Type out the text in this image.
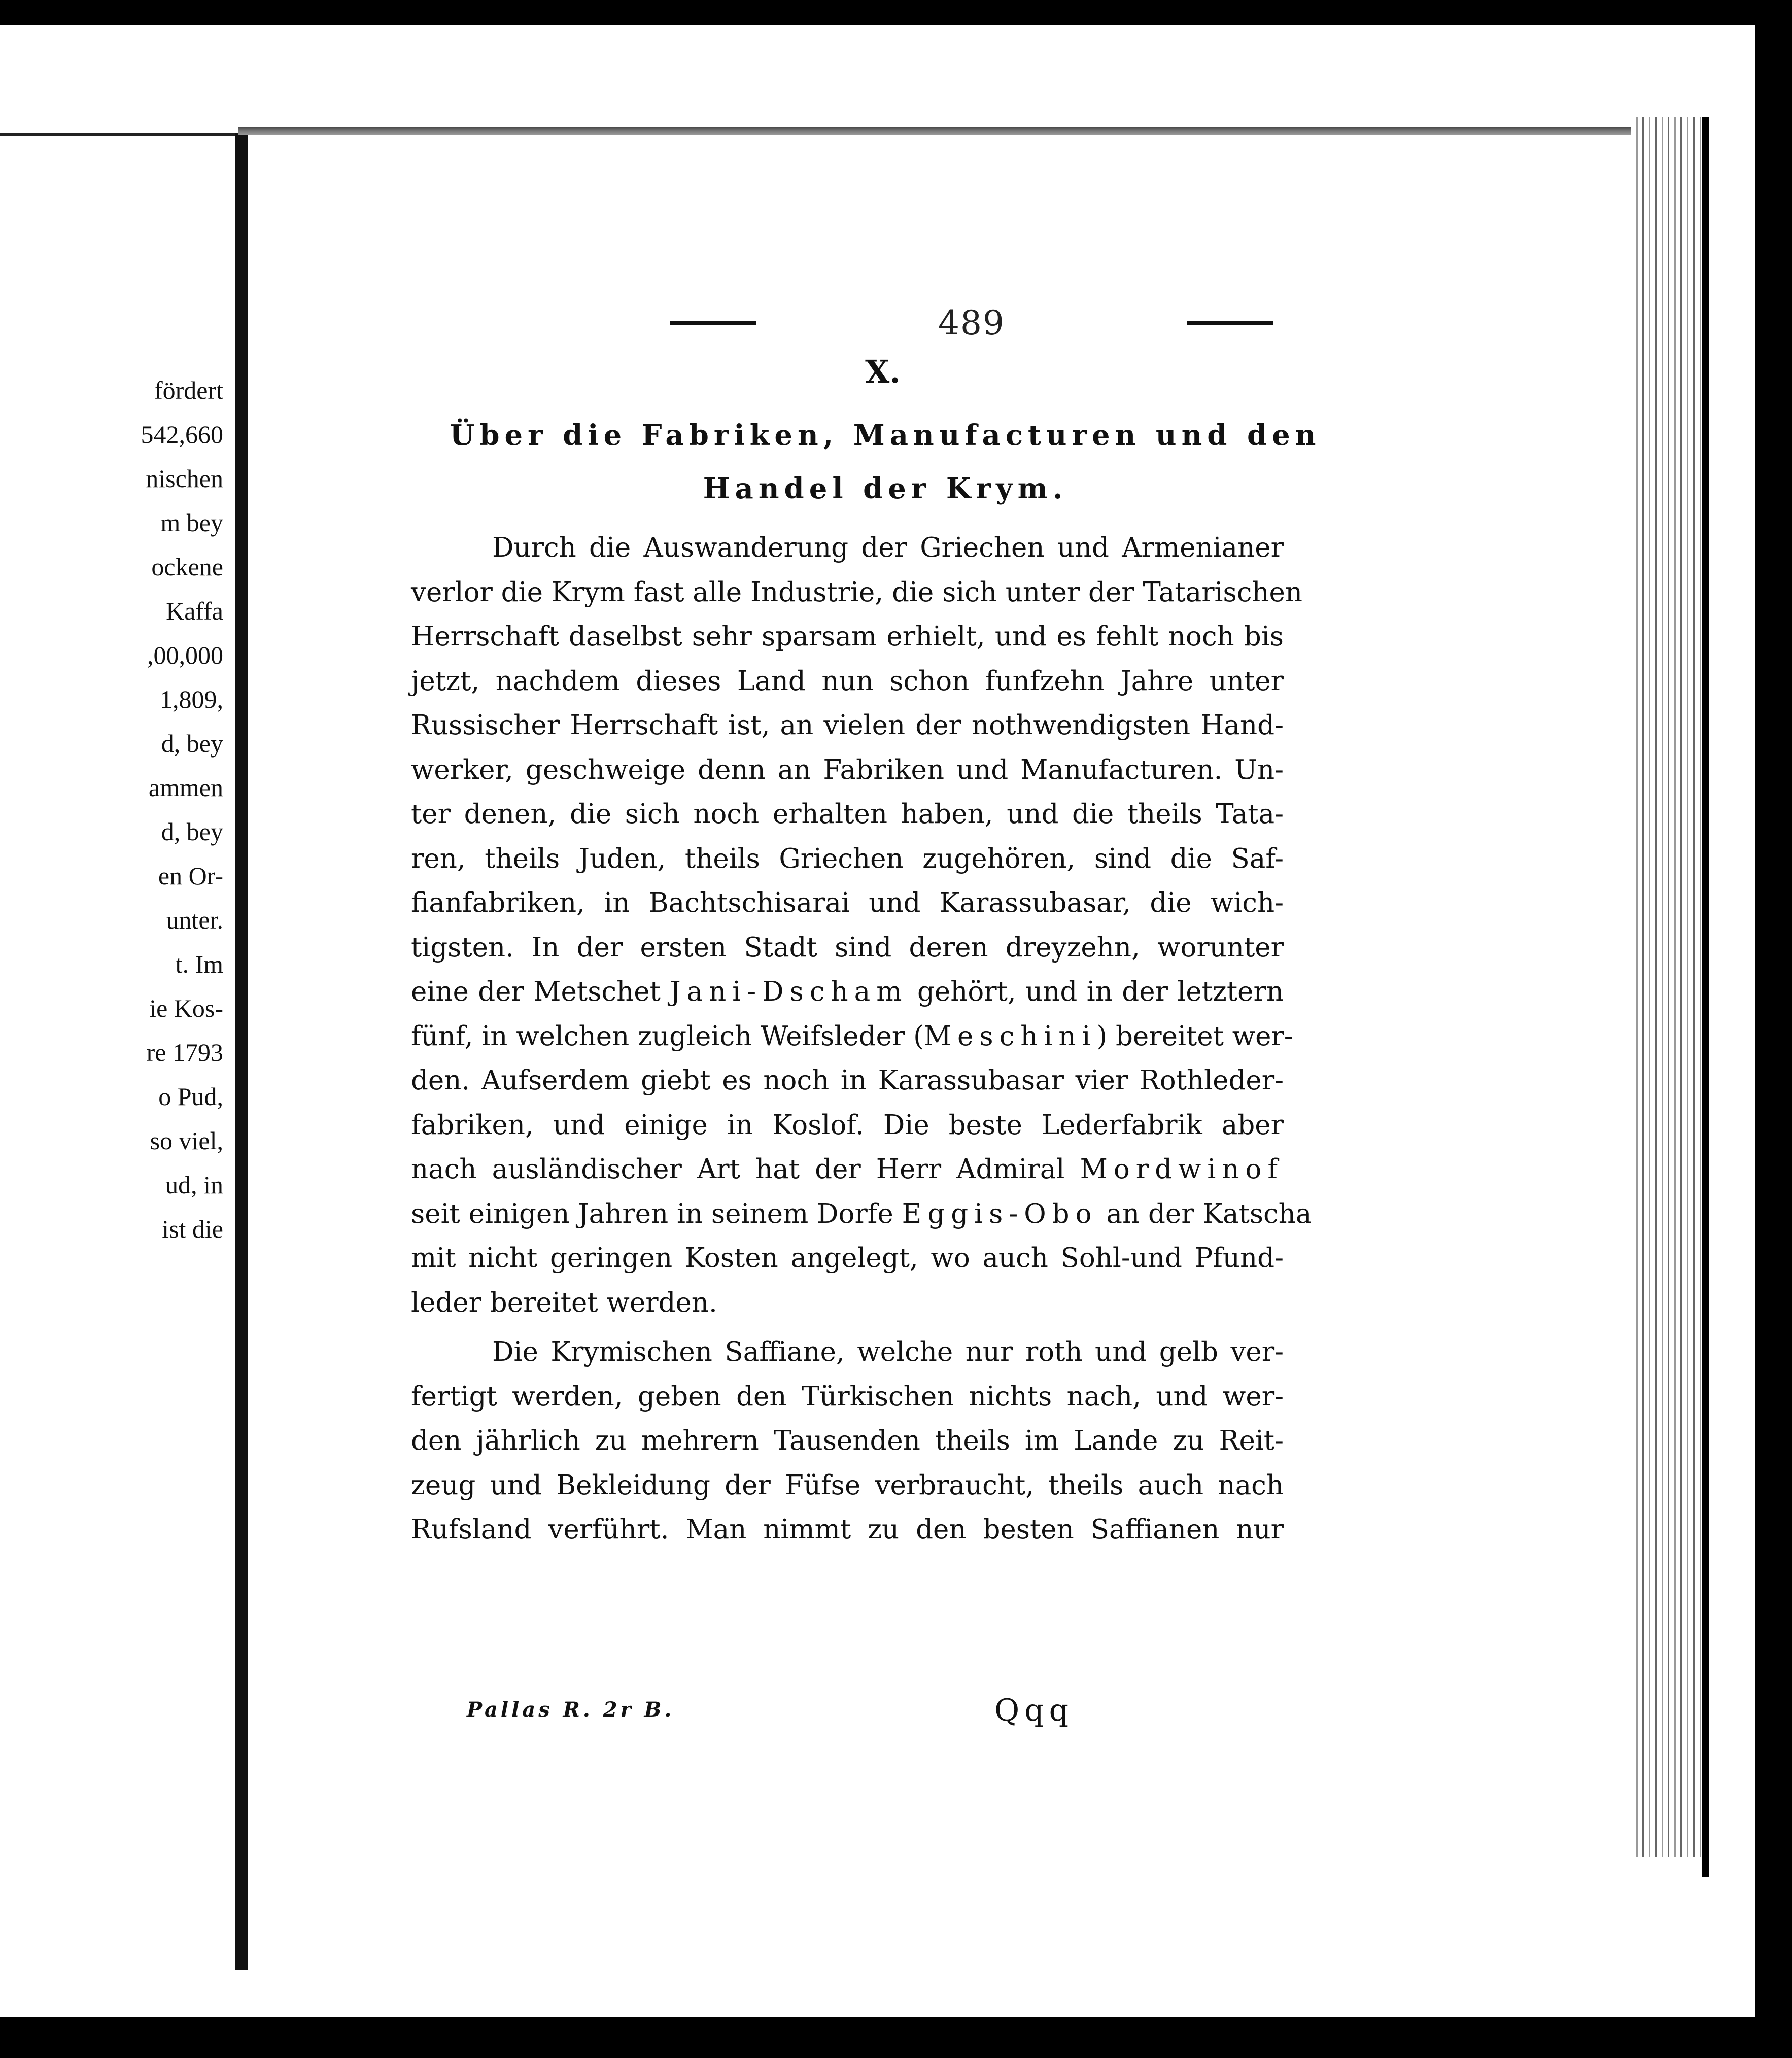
fördert
542,660
nischen
m bey
ockene
Kaffa
,00,000
1,809,
d, bey
ammen
d, bey
en Or-
unter.
t. Im
ie Kos-
re 1793
o Pud,
so viel,
ud, in
ist die
489
X.
Über die Fabriken, Manufacturen und den
Handel der Krym.
Durch die Auswanderung der Griechen und Armenianer
verlor die Krym fast alle Industrie, die sich unter der Tatarischen
Herrschaft daselbst sehr sparsam erhielt, und es fehlt noch bis
jetzt, nachdem dieses Land nun schon funfzehn Jahre unter
Russischer Herrschaft ist, an vielen der nothwendigsten Hand-
werker, geschweige denn an Fabriken und Manufacturen. Un-
ter denen, die sich noch erhalten haben, und die theils Tata-
ren, theils Juden, theils Griechen zugehören, sind die Saf-
fianfabriken, in Bachtschisarai und Karassubasar, die wich-
tigsten. In der ersten Stadt sind deren dreyzehn, worunter
eine der Metschet Jani-Dscham gehört, und in der letztern
fünf, in welchen zugleich Weifsleder (Meschini) bereitet wer-
den. Aufserdem giebt es noch in Karassubasar vier Rothleder-
fabriken, und einige in Koslof. Die beste Lederfabrik aber
nach ausländischer Art hat der Herr Admiral Mordwinof
seit einigen Jahren in seinem Dorfe Eggis-Obo an der Katscha
mit nicht geringen Kosten angelegt, wo auch Sohl-und Pfund-
leder bereitet werden.
Die Krymischen Saffiane, welche nur roth und gelb ver-
fertigt werden, geben den Türkischen nichts nach, und wer-
den jährlich zu mehrern Tausenden theils im Lande zu Reit-
zeug und Bekleidung der Füfse verbraucht, theils auch nach
Rufsland verführt. Man nimmt zu den besten Saffianen nur
Pallas R. 2r B.	Qqq
